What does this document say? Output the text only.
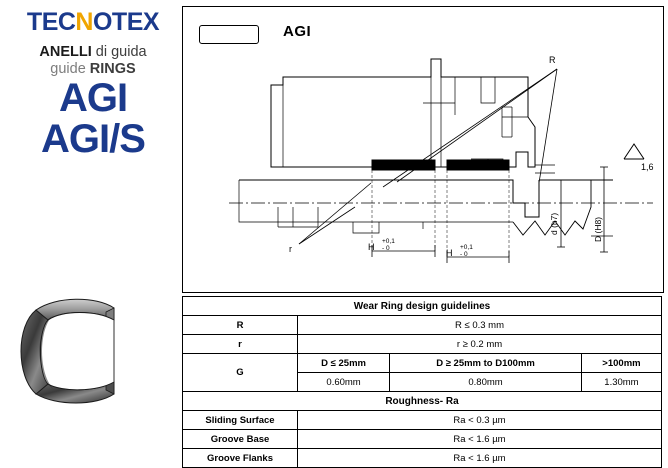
TECNOTEX
ANELLI di guida
guide RINGS
AGI
AGI/S
AGI
R
r
1,6
d (h7)	D (H8)
+0,1
- 0
H	+0,1
- 0
H
Wear Ring design guidelines			
R	R ≤ 0.3 mm		
r	r ≥ 0.2 mm		
G	D ≤ 25mm	D ≥ 25mm to D100mm	>100mm
	0.60mm	0.80mm	1.30mm
Roughness- Ra			
Sliding Surface	Ra < 0.3 µm		
Groove Base	Ra < 1.6 µm		
Groove Flanks	Ra < 1.6 µm		
